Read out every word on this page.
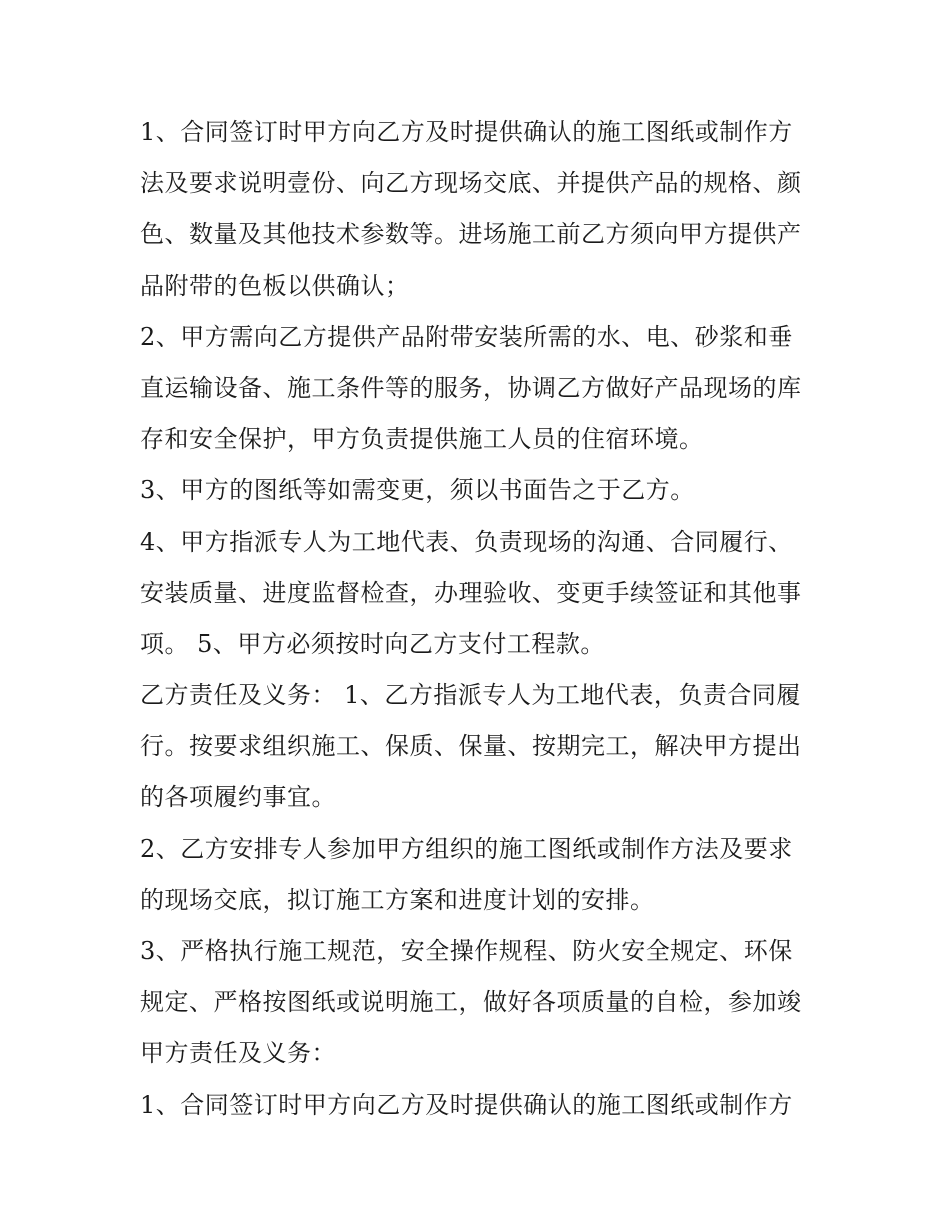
1、合同签订时甲方向乙方及时提供确认的施工图纸或制作方
法及要求说明壹份、向乙方现场交底、并提供产品的规格、颜
色、数量及其他技术参数等。进场施工前乙方须向甲方提供产
品附带的色板以供确认；
2、甲方需向乙方提供产品附带安装所需的水、电、砂浆和垂
直运输设备、施工条件等的服务，协调乙方做好产品现场的库
存和安全保护，甲方负责提供施工人员的住宿环境。
3、甲方的图纸等如需变更，须以书面告之于乙方。
4、甲方指派专人为工地代表、负责现场的沟通、合同履行、
安装质量、进度监督检查，办理验收、变更手续签证和其他事
项。 5、甲方必须按时向乙方支付工程款。
乙方责任及义务： 1、乙方指派专人为工地代表，负责合同履
行。按要求组织施工、保质、保量、按期完工，解决甲方提出
的各项履约事宜。
2、乙方安排专人参加甲方组织的施工图纸或制作方法及要求
的现场交底，拟订施工方案和进度计划的安排。
3、严格执行施工规范，安全操作规程、防火安全规定、环保
规定、严格按图纸或说明施工，做好各项质量的自检，参加竣
甲方责任及义务：
1、合同签订时甲方向乙方及时提供确认的施工图纸或制作方
